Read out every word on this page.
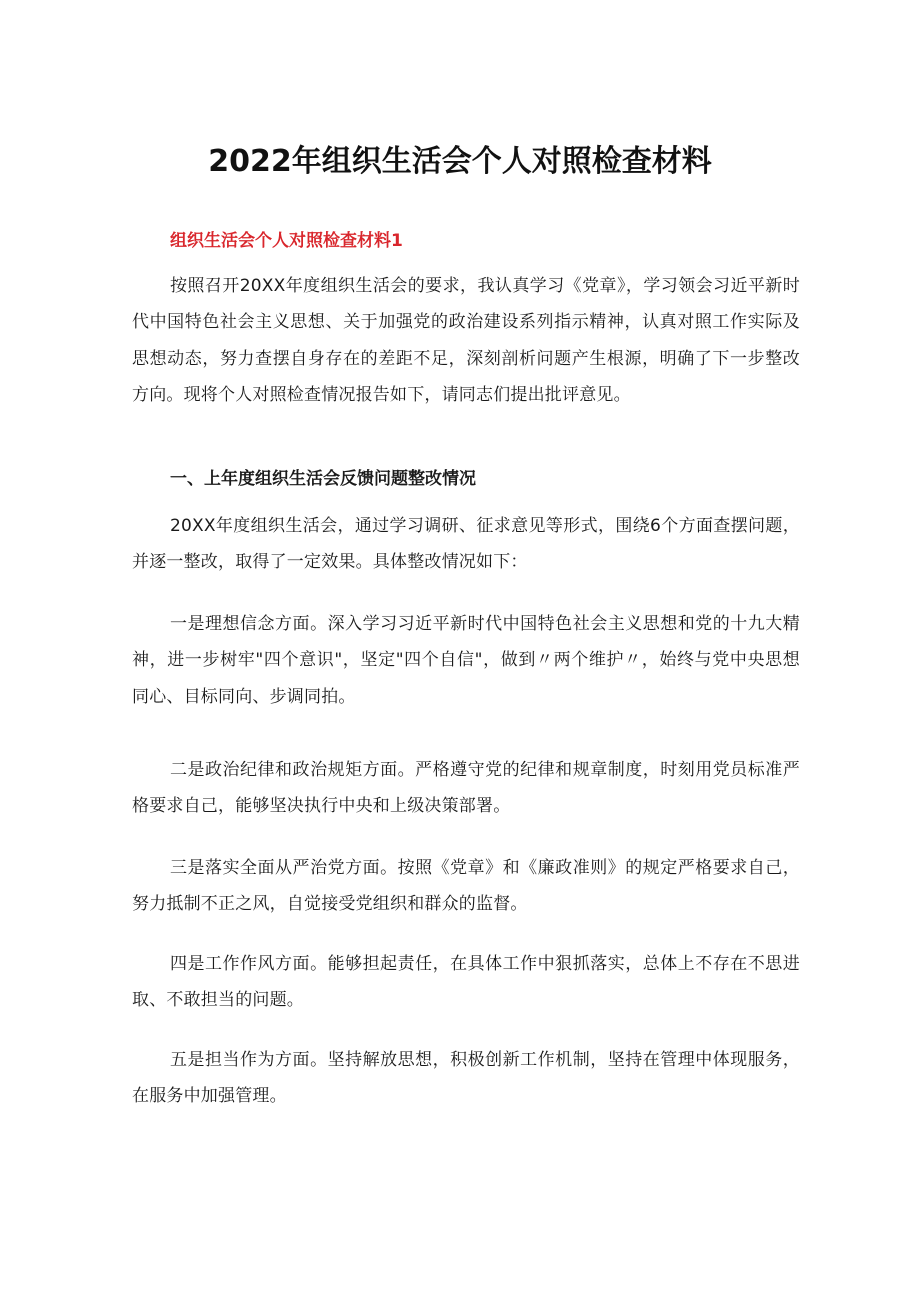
2022年组织生活会个人对照检查材料
组织生活会个人对照检查材料1

按照召开20XX年度组织生活会的要求，我认真学习《党章》，学习领会习近平新时代中国特色社会主义思想、关于加强党的政治建设系列指示精神，认真对照工作实际及思想动态，努力查摆自身存在的差距不足，深刻剖析问题产生根源，明确了下一步整改方向。现将个人对照检查情况报告如下，请同志们提出批评意见。

一、上年度组织生活会反馈问题整改情况

20XX年度组织生活会，通过学习调研、征求意见等形式，围绕6个方面查摆问题，并逐一整改，取得了一定效果。具体整改情况如下：

一是理想信念方面。深入学习习近平新时代中国特色社会主义思想和党的十九大精神，进一步树牢"四个意识"，坚定"四个自信"，做到〃两个维护〃，始终与党中央思想同心、目标同向、步调同拍。

二是政治纪律和政治规矩方面。严格遵守党的纪律和规章制度，时刻用党员标准严格要求自己，能够坚决执行中央和上级决策部署。

三是落实全面从严治党方面。按照《党章》和《廉政准则》的规定严格要求自己，努力抵制不正之风，自觉接受党组织和群众的监督。

四是工作作风方面。能够担起责任，在具体工作中狠抓落实，总体上不存在不思进取、不敢担当的问题。

五是担当作为方面。坚持解放思想，积极创新工作机制，坚持在管理中体现服务，在服务中加强管理。
